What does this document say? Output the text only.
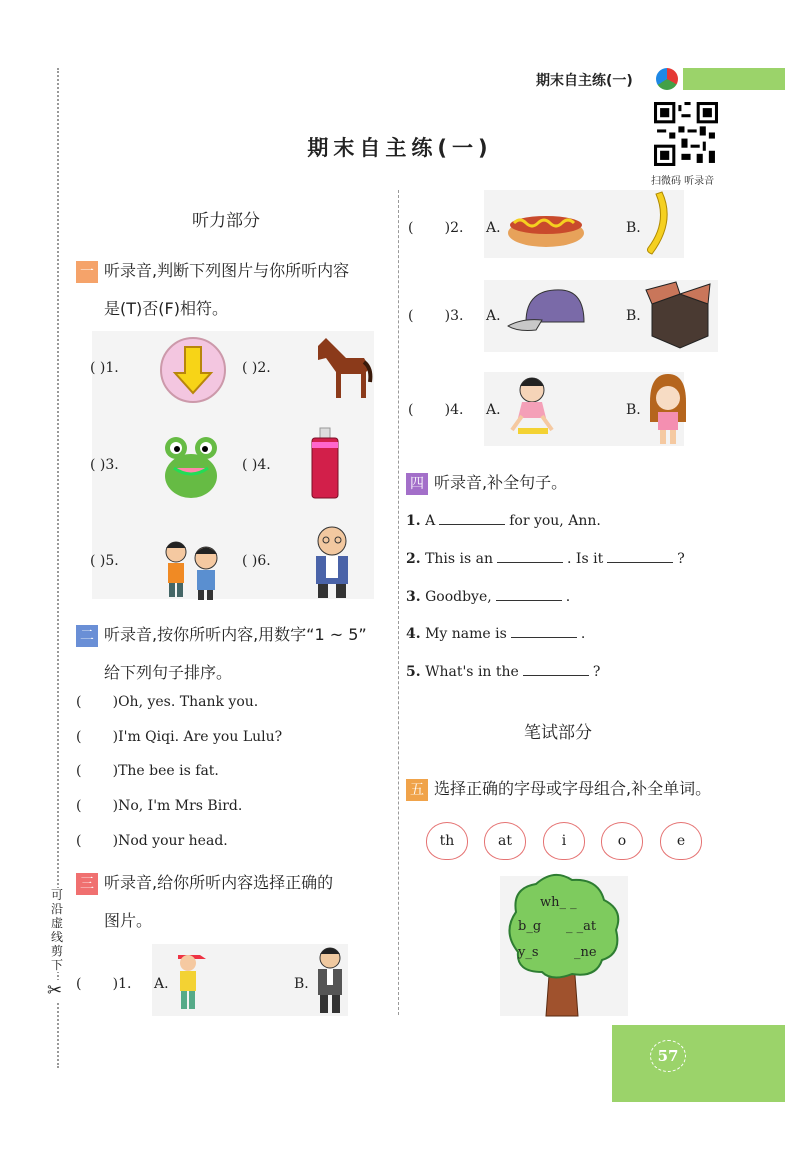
期末自主练(一)
扫微码 听录音
可沿虚线剪下
✂
期末自主练(一)
听力部分
一 听录音,判断下列图片与你所听内容
是(T)否(F)相符。
( )1.	( )2.
( )3.	( )4.
( )5.	( )6.
二 听录音,按你所听内容,用数字“1 ~ 5”
给下列句子排序。
(       )Oh, yes. Thank you.
(       )I'm Qiqi. Are you Lulu?
(       )The bee is fat.
(       )No, I'm Mrs Bird.
(       )Nod your head.
三 听录音,给你所听内容选择正确的
图片。
(       )1. A.	B.
(       )2. A.	B.
(       )3. A.	B.
(       )4. A.	B.
四 听录音,补全句子。
1. A	for you, Ann.
2. This is an	. Is it	?
3. Goodbye,	.
4. My name is	.
5. What's in the	?
笔试部分
五 选择正确的字母或字母组合,补全单词。
th	at	i	o	e
wh_ _
b_g _ _at
y_s	_ne
57
